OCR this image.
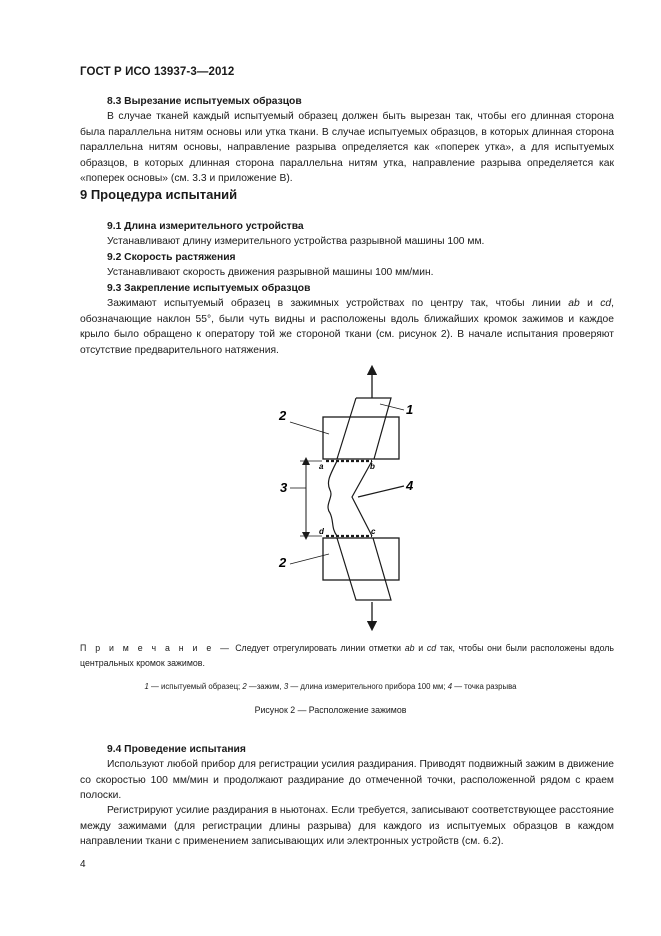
ГОСТ Р ИСО 13937-3—2012
8.3 Вырезание испытуемых образцов

В случае тканей каждый испытуемый образец должен быть вырезан так, чтобы его длинная сторона была параллельна нитям основы или утка ткани. В случае испытуемых образцов, в которых длинная сторона параллельна нитям основы, направление разрыва определяется как «поперек утка», а для испытуемых образцов, в которых длинная сторона параллельна нитям утка, направление разрыва определяется как «поперек основы» (см. 3.3 и приложение В).

9 Процедура испытаний
9.1 Длина измерительного устройства

Устанавливают длину измерительного устройства разрывной машины 100 мм.

9.2 Скорость растяжения

Устанавливают скорость движения разрывной машины 100 мм/мин.

9.3 Закрепление испытуемых образцов

Зажимают испытуемый образец в зажимных устройствах по центру так, чтобы линии ab и cd, обозначающие наклон 55°, были чуть видны и расположены вдоль ближайших кромок зажимов и каждое крыло было обращено к оператору той же стороной ткани (см. рисунок 2). В начале испытания проверяют отсутствие предварительного натяжения.

2
2
3
1
4
a	b
d	c

П р и м е ч а н и е — Следует отрегулировать линии отметки ab и cd так, чтобы они были расположены вдоль центральных кромок зажимов.

1 — испытуемый образец; 2 —зажим, 3 — длина измерительного прибора 100 мм; 4 — точка разрыва
Рисунок 2 — Расположение зажимов
9.4 Проведение испытания

Используют любой прибор для регистрации усилия раздирания. Приводят подвижный зажим в движение со скоростью 100 мм/мин и продолжают раздирание до отмеченной точки, расположенной рядом с краем полоски.

Регистрируют усилие раздирания в ньютонах. Если требуется, записывают соответствующее расстояние между зажимами (для регистрации длины разрыва) для каждого из испытуемых образцов в каждом направлении ткани с применением записывающих или электронных устройств (см. 6.2).

4
